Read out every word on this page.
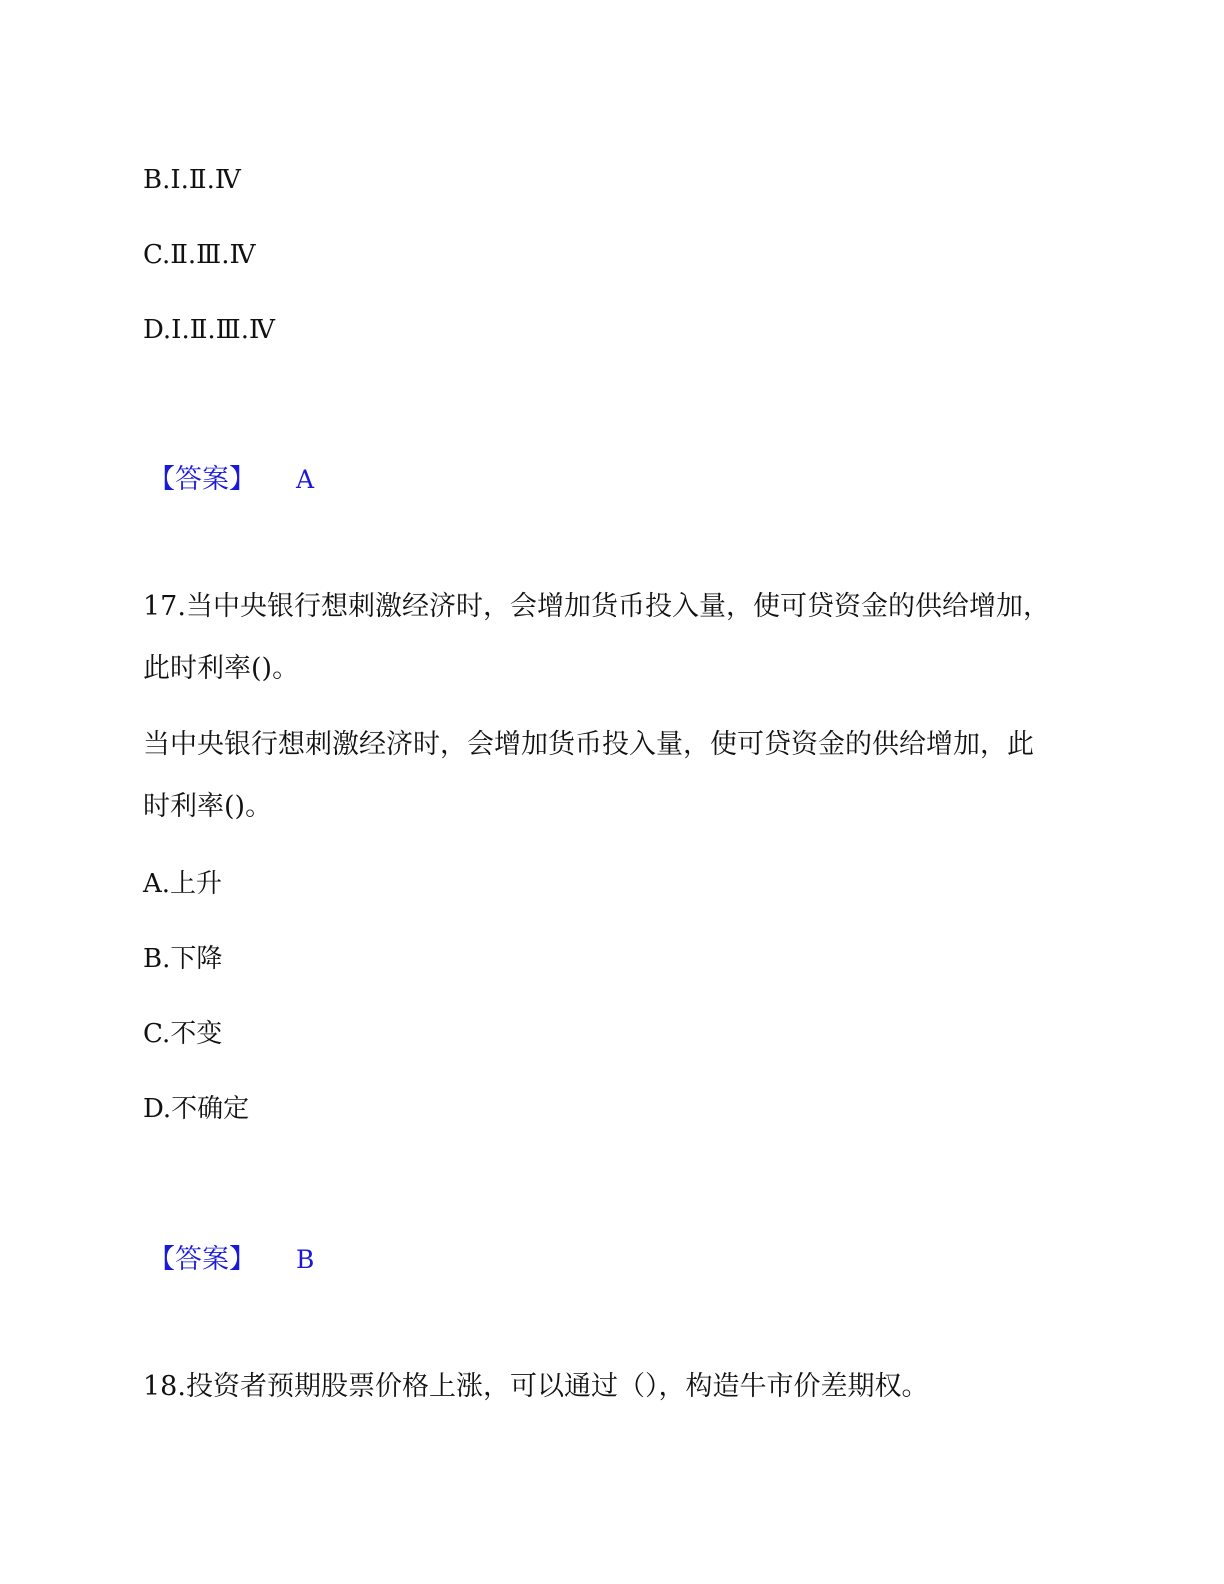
B.Ⅰ.Ⅱ.Ⅳ
C.Ⅱ.Ⅲ.Ⅳ
D.Ⅰ.Ⅱ.Ⅲ.Ⅳ
【答案】 A
17.当中央银行想刺激经济时，会增加货币投入量，使可贷资金的供给增加，
此时利率()。
当中央银行想刺激经济时，会增加货币投入量，使可贷资金的供给增加，此
时利率()。
A.上升
B.下降
C.不变
D.不确定
【答案】 B
18.投资者预期股票价格上涨，可以通过（），构造牛市价差期权。
